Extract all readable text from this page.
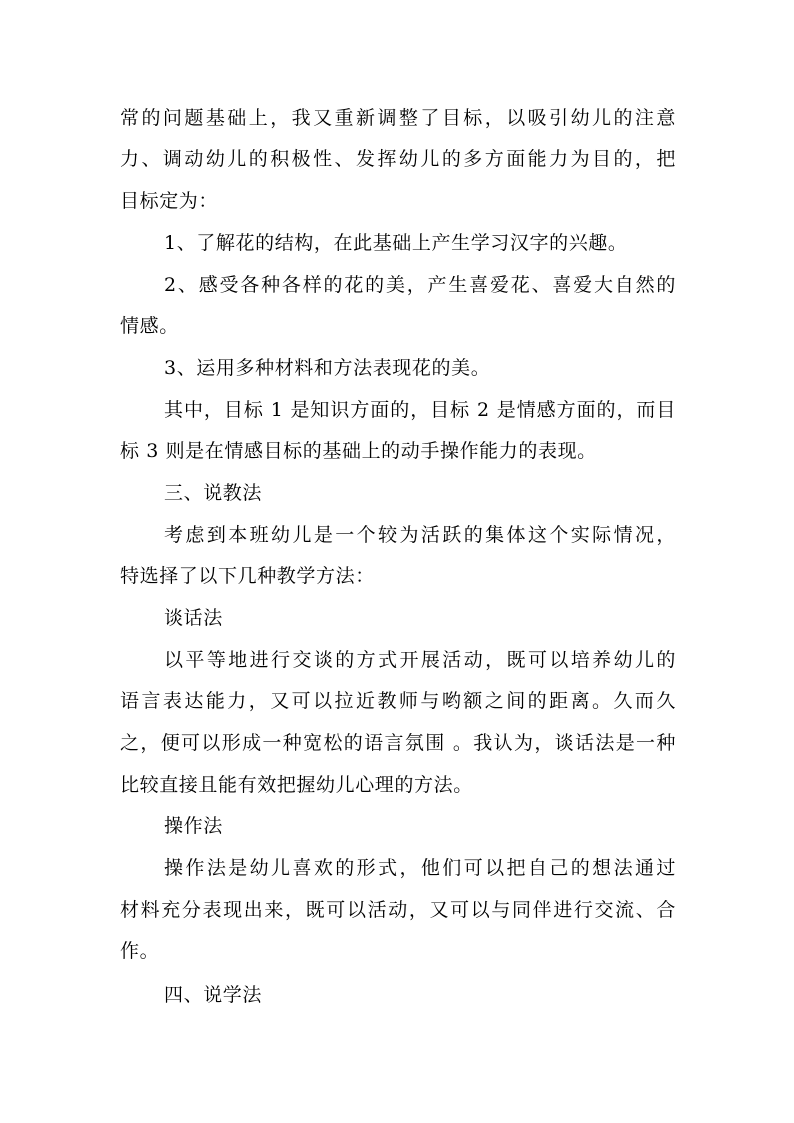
常的问题基础上，我又重新调整了目标，以吸引幼儿的注意
力、调动幼儿的积极性、发挥幼儿的多方面能力为目的，把
目标定为：
1、了解花的结构，在此基础上产生学习汉字的兴趣。
2、感受各种各样的花的美，产生喜爱花、喜爱大自然的
情感。
3、运用多种材料和方法表现花的美。
其中，目标 1 是知识方面的，目标 2 是情感方面的，而目
标 3 则是在情感目标的基础上的动手操作能力的表现。
三、说教法
考虑到本班幼儿是一个较为活跃的集体这个实际情况，
特选择了以下几种教学方法：
谈话法
以平等地进行交谈的方式开展活动，既可以培养幼儿的
语言表达能力，又可以拉近教师与哟额之间的距离。久而久
之，便可以形成一种宽松的语言氛围 。我认为，谈话法是一种
比较直接且能有效把握幼儿心理的方法。
操作法
操作法是幼儿喜欢的形式，他们可以把自己的想法通过
材料充分表现出来，既可以活动，又可以与同伴进行交流、合
作。
四、说学法
